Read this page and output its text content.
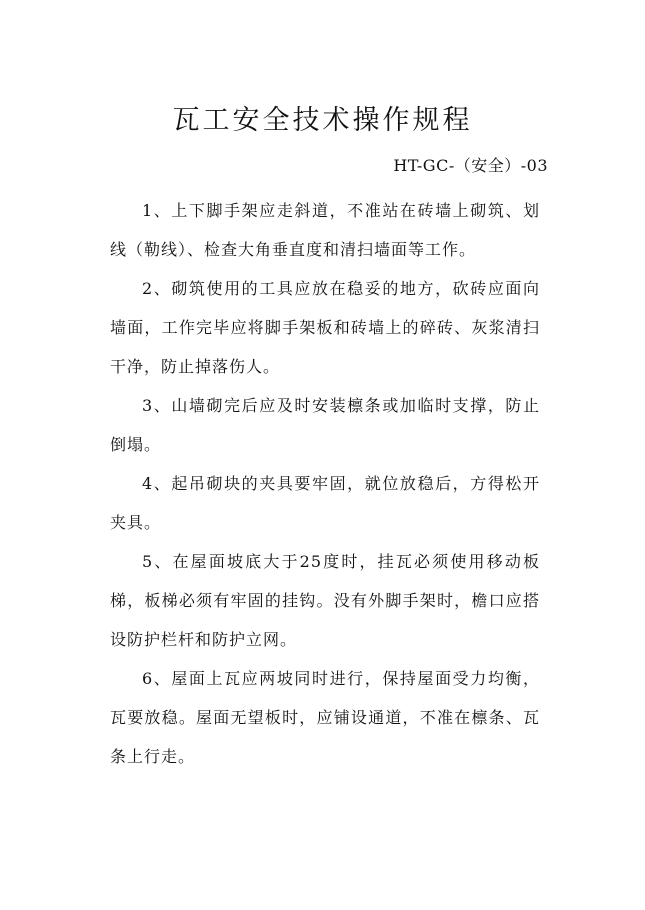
瓦工安全技术操作规程
HT-GC-（安全）-03

1、上下脚手架应走斜道，不准站在砖墙上砌筑、划线（勒线）、检查大角垂直度和清扫墙面等工作。

2、砌筑使用的工具应放在稳妥的地方，砍砖应面向墙面，工作完毕应将脚手架板和砖墙上的碎砖、灰浆清扫干净，防止掉落伤人。

3、山墙砌完后应及时安装檩条或加临时支撑，防止倒塌。

4、起吊砌块的夹具要牢固，就位放稳后，方得松开夹具。

5、在屋面坡底大于25度时，挂瓦必须使用移动板梯，板梯必须有牢固的挂钩。没有外脚手架时，檐口应搭设防护栏杆和防护立网。

6、屋面上瓦应两坡同时进行，保持屋面受力均衡，瓦要放稳。屋面无望板时，应铺设通道，不准在檩条、瓦条上行走。
